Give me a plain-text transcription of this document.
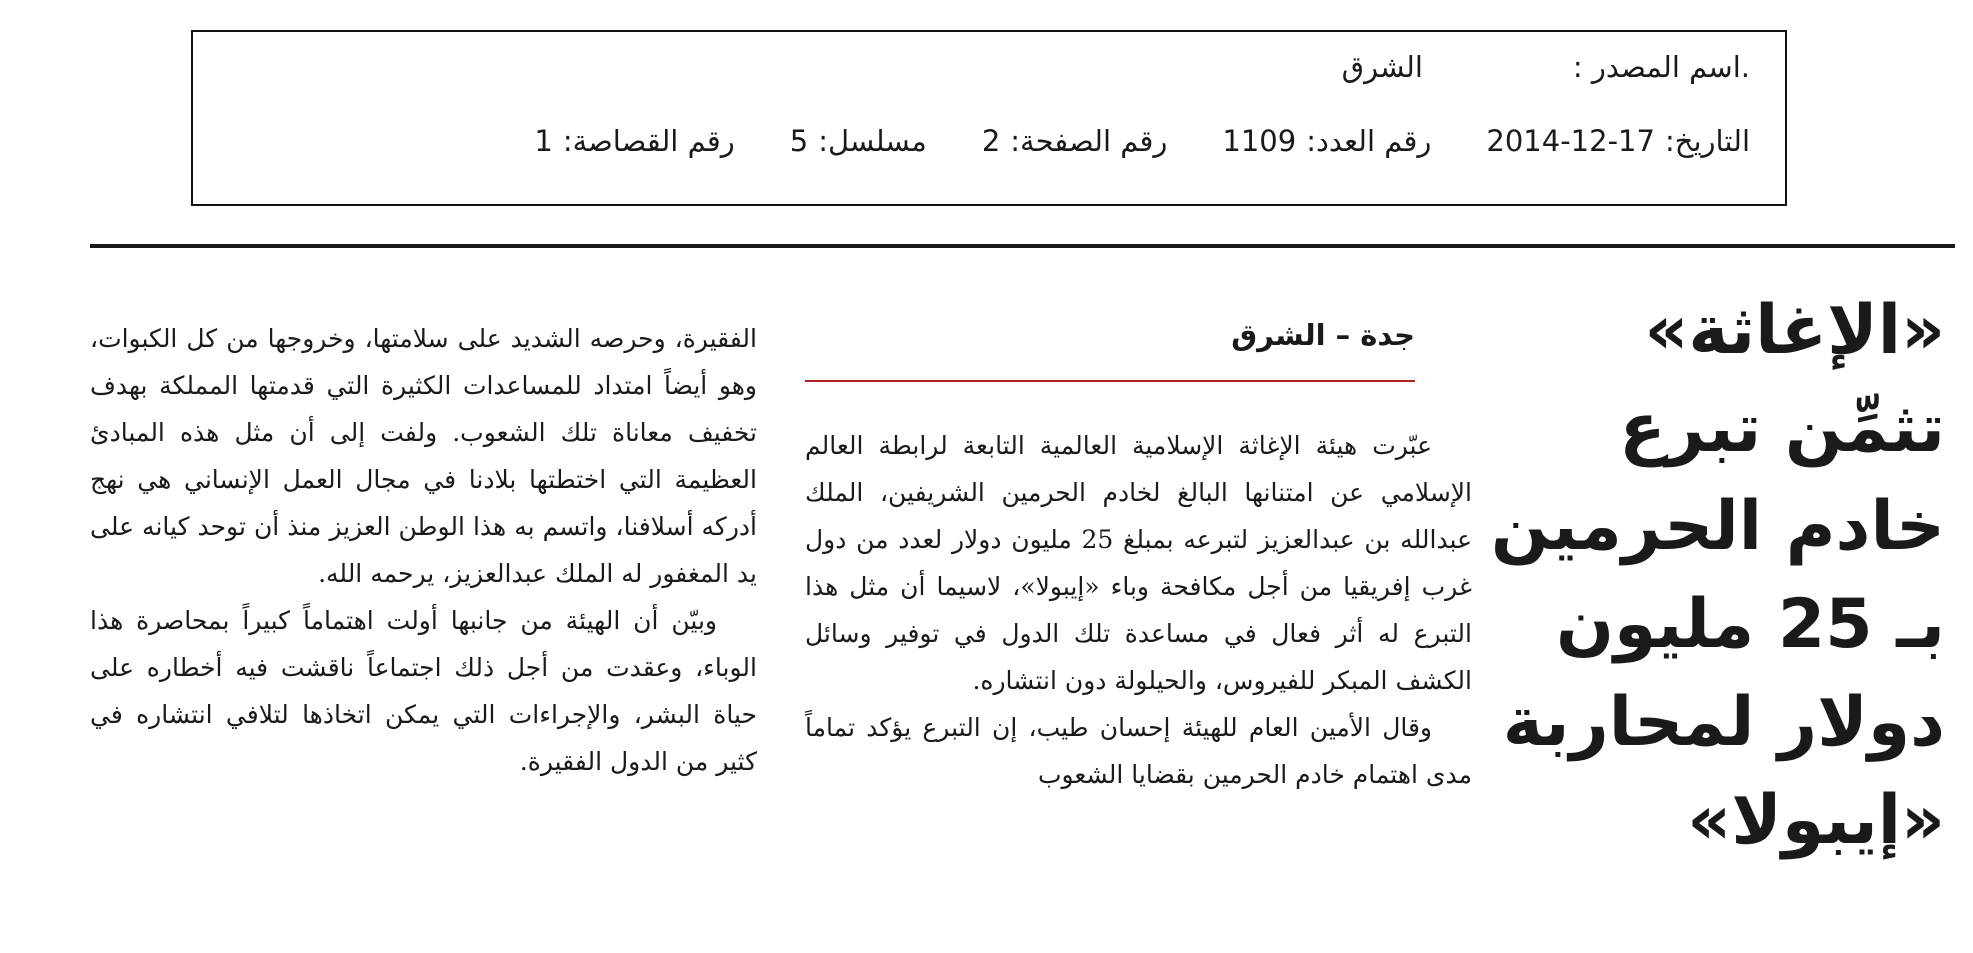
.اسم المصدر :
الشرق
التاريخ:
2014-12-17
رقم العدد:
1109
رقم الصفحة:
2
مسلسل:
5
رقم القصاصة:
1
«الإغاثة»
تثمِّن تبرع
خادم الحرمين
بـ 25 مليون
دولار لمحاربة
«إيبولا»
جدة – الشرق

عبّرت هيئة الإغاثة الإسلامية العالمية التابعة لرابطة العالم الإسلامي عن امتنانها البالغ لخادم الحرمين الشريفين، الملك عبدالله بن عبدالعزيز لتبرعه بمبلغ 25 مليون دولار لعدد من دول غرب إفريقيا من أجل مكافحة وباء «إيبولا»، لاسيما أن مثل هذا التبرع له أثر فعال في مساعدة تلك الدول في توفير وسائل الكشف المبكر للفيروس، والحيلولة دون انتشاره.

وقال الأمين العام للهيئة إحسان طيب، إن التبرع يؤكد تماماً مدى اهتمام خادم الحرمين بقضايا الشعوب

الفقيرة، وحرصه الشديد على سلامتها، وخروجها من كل الكبوات، وهو أيضاً امتداد للمساعدات الكثيرة التي قدمتها المملكة بهدف تخفيف معاناة تلك الشعوب. ولفت إلى أن مثل هذه المبادئ العظيمة التي اختطتها بلادنا في مجال العمل الإنساني هي نهج أدركه أسلافنا، واتسم به هذا الوطن العزيز منذ أن توحد كيانه على يد المغفور له الملك عبدالعزيز، يرحمه الله.

وبيّن أن الهيئة من جانبها أولت اهتماماً كبيراً بمحاصرة هذا الوباء، وعقدت من أجل ذلك اجتماعاً ناقشت فيه أخطاره على حياة البشر، والإجراءات التي يمكن اتخاذها لتلافي انتشاره في كثير من الدول الفقيرة.
